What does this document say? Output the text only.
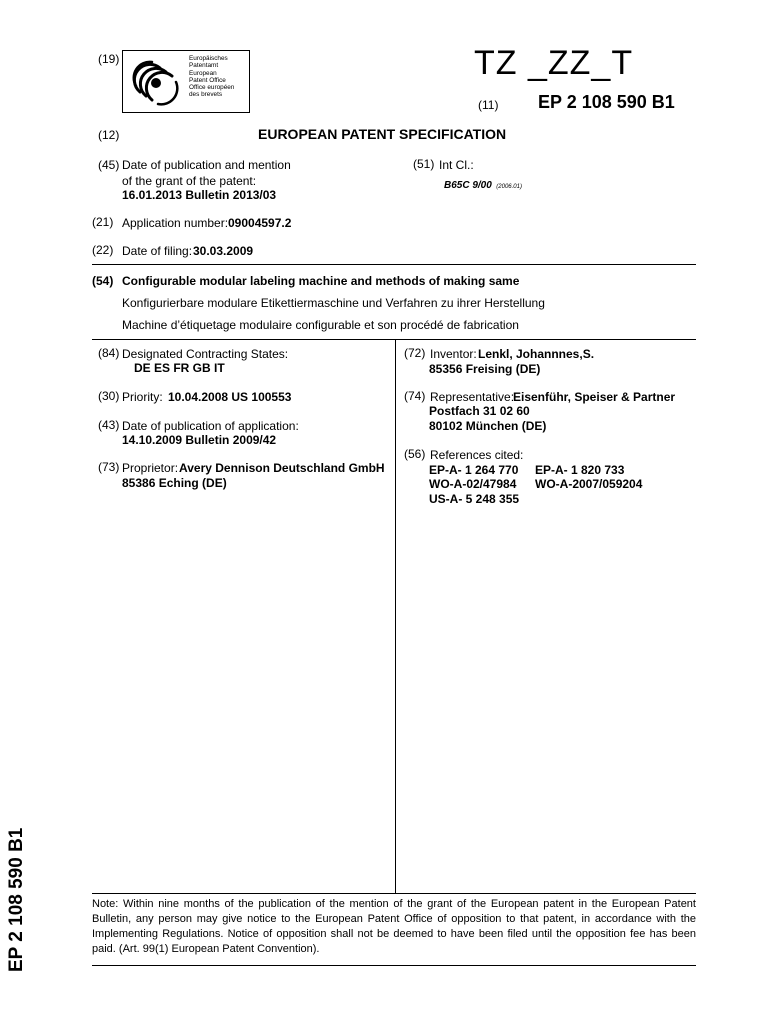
(19)	Europäisches
Patentamt
European
Patent Office
Office européen
des brevets
TZ _ZZ_T
(11) EP 2 108 590 B1
(12)	EUROPEAN PATENT SPECIFICATION
(45) Date of publication and mention
of the grant of the patent:
16.01.2013 Bulletin 2013/03
(51) Int Cl.:
B65C 9/00 (2006.01)
(21) Application number: 09004597.2
(22) Date of filing: 30.03.2009
(54) Configurable modular labeling machine and methods of making same
Konfigurierbare modulare Etikettiermaschine und Verfahren zu ihrer Herstellung
Machine d’étiquetage modulaire configurable et son procédé de fabrication
(84) Designated Contracting States:
DE ES FR GB IT
(30) Priority: 10.04.2008 US 100553
(43) Date of publication of application:
14.10.2009 Bulletin 2009/42
(73) Proprietor: Avery Dennison Deutschland GmbH
85386 Eching (DE)
(72) Inventor: Lenkl, Johannnes,S.
85356 Freising (DE)
(74) Representative:
Eisenführ, Speiser & Partner
Postfach 31 02 60
80102 München (DE)
(56) References cited:
EP-A- 1 264 770 EP-A- 1 820 733
WO-A-02/47984 WO-A-2007/059204
US-A- 5 248 355
Note: Within nine months of the publication of the mention of the grant of the European patent in the European Patent Bulletin, any person may give notice to the European Patent Office of opposition to that patent, in accordance with the Implementing Regulations. Notice of opposition shall not be deemed to have been filed until the opposition fee has been paid. (Art. 99(1) European Patent Convention).
EP 2 108 590 B1
